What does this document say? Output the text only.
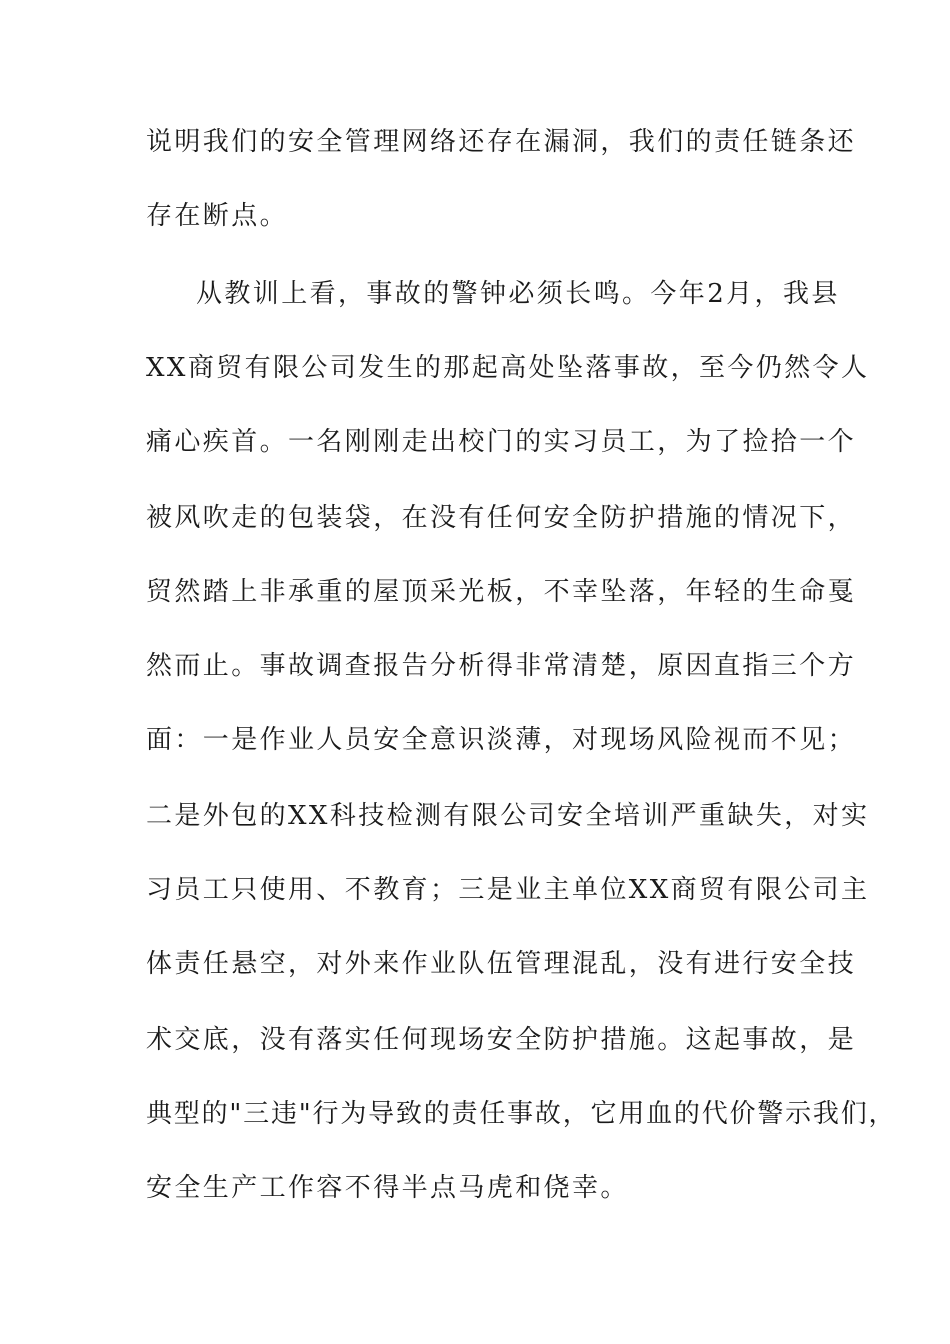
说明我们的安全管理网络还存在漏洞，我们的责任链条还
存在断点。
从教训上看，事故的警钟必须长鸣。今年2月，我县
XX商贸有限公司发生的那起高处坠落事故，至今仍然令人
痛心疾首。一名刚刚走出校门的实习员工，为了捡拾一个
被风吹走的包装袋，在没有任何安全防护措施的情况下，
贸然踏上非承重的屋顶采光板，不幸坠落，年轻的生命戛
然而止。事故调查报告分析得非常清楚，原因直指三个方
面：一是作业人员安全意识淡薄，对现场风险视而不见；
二是外包的XX科技检测有限公司安全培训严重缺失，对实
习员工只使用、不教育；三是业主单位XX商贸有限公司主
体责任悬空，对外来作业队伍管理混乱，没有进行安全技
术交底，没有落实任何现场安全防护措施。这起事故，是
典型的"三违"行为导致的责任事故，它用血的代价警示我们，
安全生产工作容不得半点马虎和侥幸。
